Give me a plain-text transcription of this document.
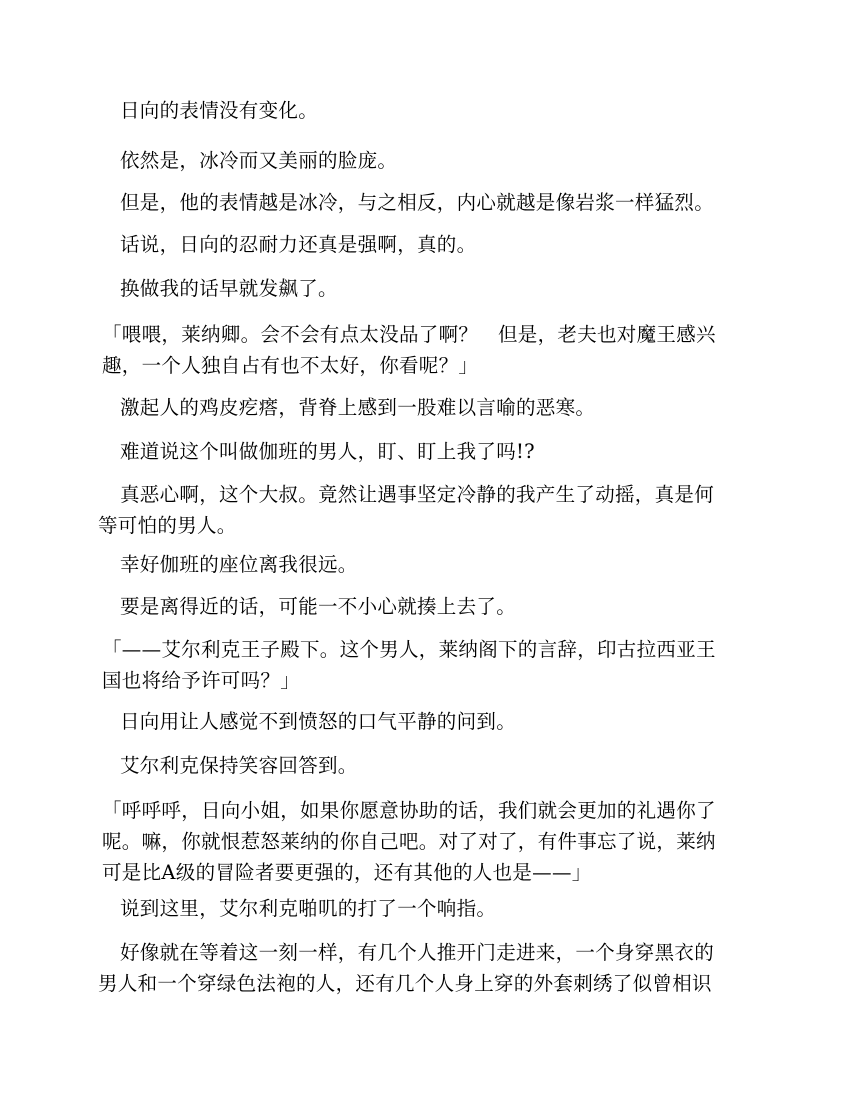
日向的表情没有变化。

依然是，冰冷而又美丽的脸庞。

但是，他的表情越是冰冷，与之相反，内心就越是像岩浆一样猛烈。

话说，日向的忍耐力还真是强啊，真的。

换做我的话早就发飙了。

「喂喂，莱纳卿。会不会有点太没品了啊？　但是，老夫也对魔王感兴
趣，一个人独自占有也不太好，你看呢？」

激起人的鸡皮疙瘩，背脊上感到一股难以言喻的恶寒。

难道说这个叫做伽班的男人，盯、盯上我了吗!?

真恶心啊，这个大叔。竟然让遇事坚定冷静的我产生了动摇，真是何
等可怕的男人。

幸好伽班的座位离我很远。

要是离得近的话，可能一不小心就揍上去了。

「——艾尔利克王子殿下。这个男人，莱纳阁下的言辞，印古拉西亚王
国也将给予许可吗？」

日向用让人感觉不到愤怒的口气平静的问到。

艾尔利克保持笑容回答到。

「呼呼呼，日向小姐，如果你愿意协助的话，我们就会更加的礼遇你了
呢。嘛，你就恨惹怒莱纳的你自己吧。对了对了，有件事忘了说，莱纳
可是比A级的冒险者要更强的，还有其他的人也是——」

说到这里，艾尔利克啪叽的打了一个响指。

好像就在等着这一刻一样，有几个人推开门走进来，一个身穿黑衣的
男人和一个穿绿色法袍的人，还有几个人身上穿的外套刺绣了似曾相识
